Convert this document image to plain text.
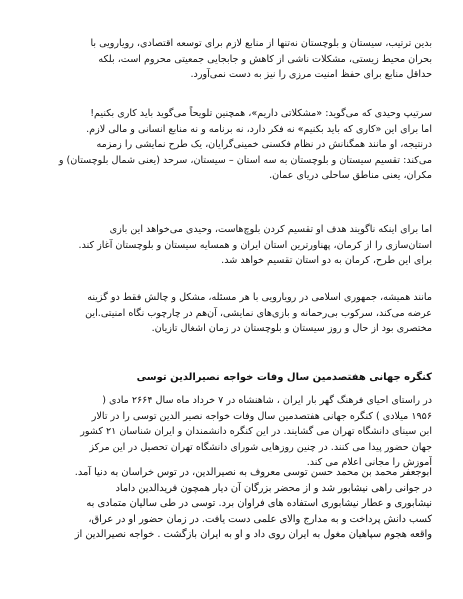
بدین ترتیب، سیستان و بلوچستان نه‌تنها از منابع لازم برای توسعه اقتصادی، رویارویی با
بحران محیط زیستی، مشکلات ناشی از کاهش و جابجایی جمعیتی محروم است، بلکه
حداقل منابع برای حفظ امنیت مرزی را نیز به دست نمی‌آورد.
سرتیپ وحیدی که می‌گوید: «مشکلاتی داریم»، همچنین تلویحاً می‌گوید باید کاری بکنیم!
اما برای این «کاری که باید بکنیم» نه فکر دارد، نه برنامه و نه منابع انسانی و مالی لازم.
درنتیجه، او مانند همگنانش در نظام فکسنی خمینی‌گرایان، یک طرح نمایشی را زمزمه
می‌کند: تقسیم سیستان و بلوچستان به سه استان – سیستان، سرحد (یعنی شمال بلوچستان) و
مکران، یعنی مناطق ساحلی دریای عمان.
اما برای اینکه ناگویند هدف او تقسیم کردن بلوچ‌هاست، وحیدی می‌خواهد این بازی
استان‌سازی را از کرمان، پهناورترین استان ایران و همسایه سیستان و بلوچستان آغاز کند.
برای این طرح، کرمان به دو استان تقسیم خواهد شد.
مانند همیشه، جمهوری اسلامی در رویارویی با هر مسئله، مشکل و چالش فقط دو گزینه
عرضه می‌کند، سرکوب بی‌رحمانه و بازی‌های نمایشی، آن‌هم در چارچوب نگاه امنیتی.این
مختصری بود از حال و روز سیستان و بلوچستان در زمان اشغال تازیان.
کنگره جهانی هفتصدمین سال وفات خواجه نصیرالدین توسی
در راستای احیای فرهنگ گهر بار ایران ، شاهنشاه در ۷ خرداد ماه سال ۲۶۶۴ مادی (
۱۹۵۶ میلادی ) کنگره جهانی هفتصدمین سال وفات خواجه نصیر الدین توسی را در تالار
ابن سینای دانشگاه تهران می گشایند. در این کنگره دانشمندان و ایران شناسان ۲۱ کشور
جهان حضور پیدا می کنند. در چنین روزهایی شورای دانشگاه تهران تحصیل در این مرکز
آموزش را مجانی اعلام می کند.
ابوجعفر محمد بن محمد حسن توسی معروف به نصیرالدین، در توس خراسان به دنیا آمد.
در جوانی راهی نیشابور شد و از محضر بزرگان آن دیار همچون فریدالدین داماد
نیشابوری و عطار نیشابوری استفاده های فراوان برد. توسی در طی سالیان متمادی به
کسب دانش پرداخت و به مدارج والای علمی دست یافت. در زمان حضور او در عراق،
واقعه هجوم سپاهیان مغول به ایران روی داد و او به ایران بازگشت . خواجه نصیرالدین از
